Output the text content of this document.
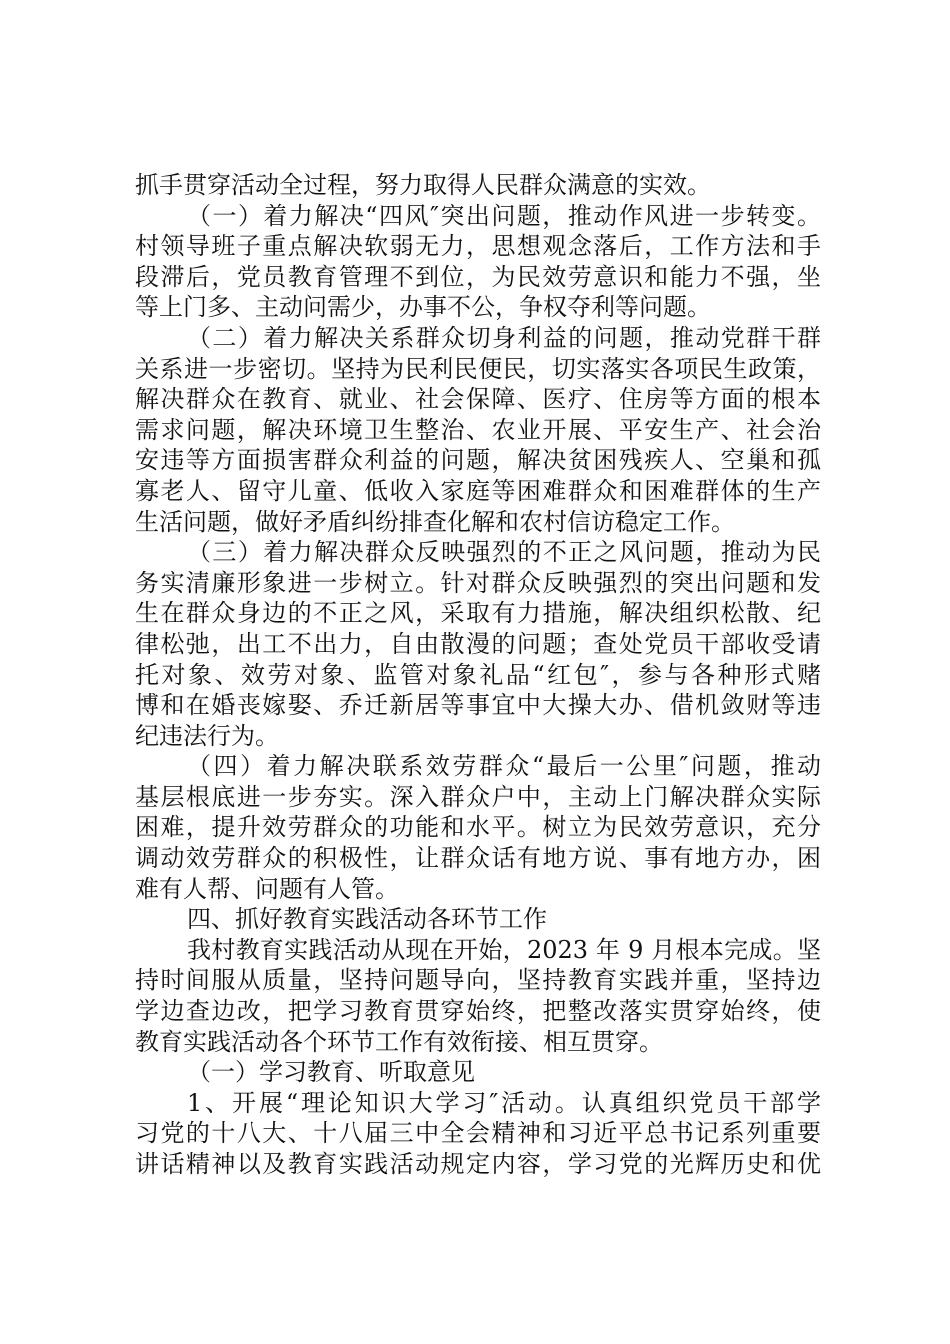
抓手贯穿活动全过程，努力取得人民群众满意的实效。
（一）着力解决“四风″突出问题，推动作风进一步转变。
村领导班子重点解决软弱无力，思想观念落后，工作方法和手
段滞后，党员教育管理不到位，为民效劳意识和能力不强，坐
等上门多、主动问需少，办事不公，争权夺利等问题。
（二）着力解决关系群众切身利益的问题，推动党群干群
关系进一步密切。坚持为民利民便民，切实落实各项民生政策，
解决群众在教育、就业、社会保障、医疗、住房等方面的根本
需求问题，解决环境卫生整治、农业开展、平安生产、社会治
安违等方面损害群众利益的问题，解决贫困残疾人、空巢和孤
寡老人、留守儿童、低收入家庭等困难群众和困难群体的生产
生活问题，做好矛盾纠纷排查化解和农村信访稳定工作。
（三）着力解决群众反映强烈的不正之风问题，推动为民
务实清廉形象进一步树立。针对群众反映强烈的突出问题和发
生在群众身边的不正之风，采取有力措施，解决组织松散、纪
律松弛，出工不出力，自由散漫的问题；查处党员干部收受请
托对象、效劳对象、监管对象礼品“红包″，参与各种形式赌
博和在婚丧嫁娶、乔迁新居等事宜中大操大办、借机敛财等违
纪违法行为。
（四）着力解决联系效劳群众“最后一公里″问题，推动
基层根底进一步夯实。深入群众户中，主动上门解决群众实际
困难，提升效劳群众的功能和水平。树立为民效劳意识，充分
调动效劳群众的积极性，让群众话有地方说、事有地方办，困
难有人帮、问题有人管。
四、抓好教育实践活动各环节工作
我村教育实践活动从现在开始，2023 年 9 月根本完成。坚
持时间服从质量，坚持问题导向，坚持教育实践并重，坚持边
学边查边改，把学习教育贯穿始终，把整改落实贯穿始终，使
教育实践活动各个环节工作有效衔接、相互贯穿。
（一）学习教育、听取意见
1、开展“理论知识大学习″活动。认真组织党员干部学
习党的十八大、十八届三中全会精神和习近平总书记系列重要
讲话精神以及教育实践活动规定内容，学习党的光辉历史和优
